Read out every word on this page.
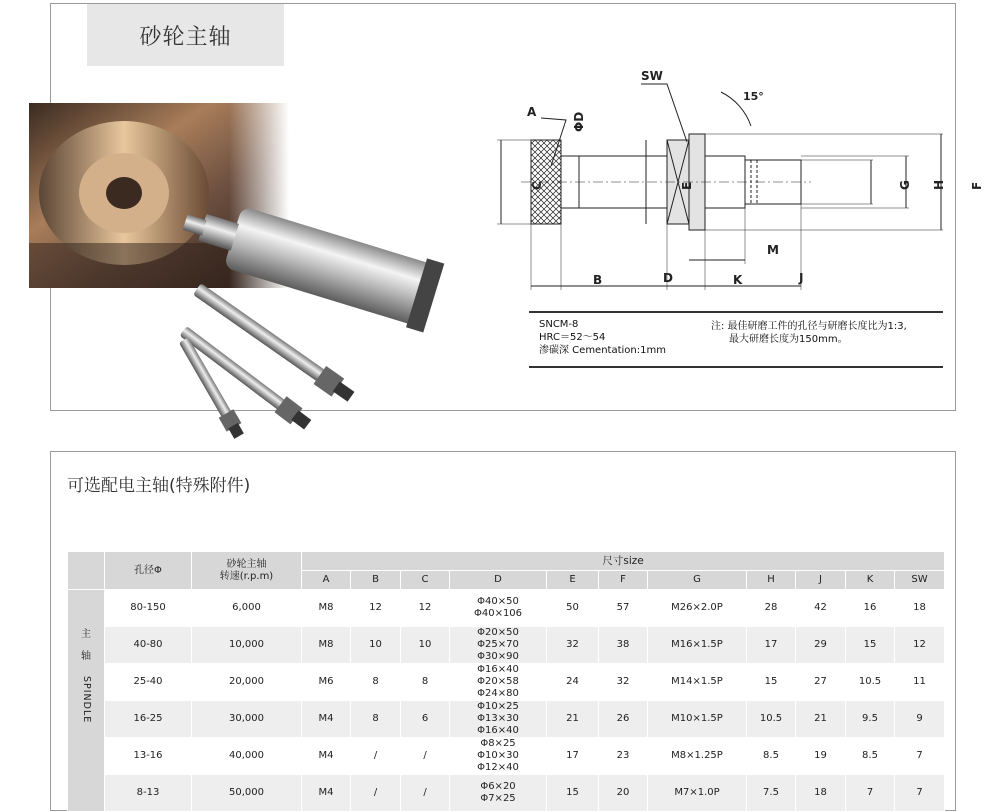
砂轮主轴
A
SW
15°
ΦD
C	E	G H F
M
B	D	K	J
SNCM-8
HRC＝52～54
渗碳深 Cementation:1mm
注: 最佳研磨工件的孔径与研磨长度比为1:3,
最大研磨长度为150mm。
可选配电主轴(特殊附件)
	孔径Φ	砂轮主轴
转速(r.p.m)	尺寸size										
			A	B	C	D	E	F	G	H	J	K	SW

主
轴
SPINDLE	80-150	6,000	M8	12	12	Φ40×50
Φ40×106	50	57	M26×2.0P	28	42	16	18
	40-80	10,000	M8	10	10	Φ20×50
Φ25×70
Φ30×90	32	38	M16×1.5P	17	29	15	12
	25-40	20,000	M6	8	8	Φ16×40
Φ20×58
Φ24×80	24	32	M14×1.5P	15	27	10.5	11
	16-25	30,000	M4	8	6	Φ10×25
Φ13×30
Φ16×40	21	26	M10×1.5P	10.5	21	9.5	9
	13-16	40,000	M4	/	/	Φ8×25
Φ10×30
Φ12×40	17	23	M8×1.25P	8.5	19	8.5	7
	8-13	50,000	M4	/	/	Φ6×20
Φ7×25	15	20	M7×1.0P	7.5	18	7	7
